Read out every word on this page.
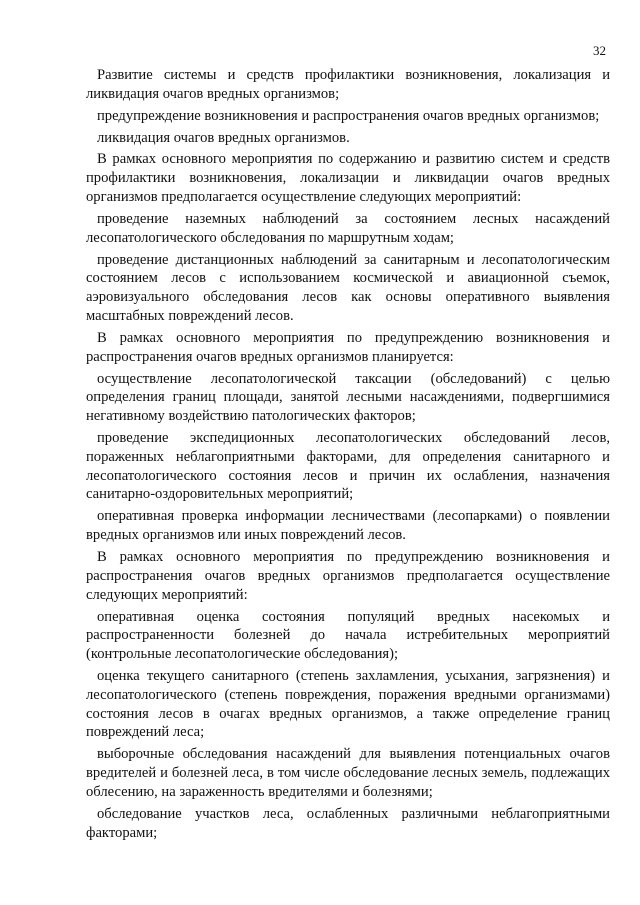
32

Развитие системы и средств профилактики возникновения, локализация и ликвидация очагов вредных организмов;

предупреждение возникновения и распространения очагов вредных организмов;

ликвидация очагов вредных организмов.

В рамках основного мероприятия по содержанию и развитию систем и средств профилактики возникновения, локализации и ликвидации очагов вредных организмов предполагается осуществление следующих мероприятий:

проведение наземных наблюдений за состоянием лесных насаждений лесопатологического обследования по маршрутным ходам;

проведение дистанционных наблюдений за санитарным и лесопатологическим состоянием лесов с использованием космической и авиационной съемок, аэровизуального обследования лесов как основы оперативного выявления масштабных повреждений лесов.

В рамках основного мероприятия по предупреждению возникновения и распространения очагов вредных организмов планируется:

осуществление лесопатологической таксации (обследований) с целью определения границ площади, занятой лесными насаждениями, подвергшимися негативному воздействию патологических факторов;

проведение экспедиционных лесопатологических обследований лесов, пораженных неблагоприятными факторами, для определения санитарного и лесопатологического состояния лесов и причин их ослабления, назначения санитарно-оздоровительных мероприятий;

оперативная проверка информации лесничествами (лесопарками) о появлении вредных организмов или иных повреждений лесов.

В рамках основного мероприятия по предупреждению возникновения и распространения очагов вредных организмов предполагается осуществление следующих мероприятий:

оперативная оценка состояния популяций вредных насекомых и распространенности болезней до начала истребительных мероприятий (контрольные лесопатологические обследования);

оценка текущего санитарного (степень захламления, усыхания, загрязнения) и лесопатологического (степень повреждения, поражения вредными организмами) состояния лесов в очагах вредных организмов, а также определение границ повреждений леса;

выборочные обследования насаждений для выявления потенциальных очагов вредителей и болезней леса, в том числе обследование лесных земель, подлежащих облесению, на зараженность вредителями и болезнями;

обследование участков леса, ослабленных различными неблагоприятными факторами;
